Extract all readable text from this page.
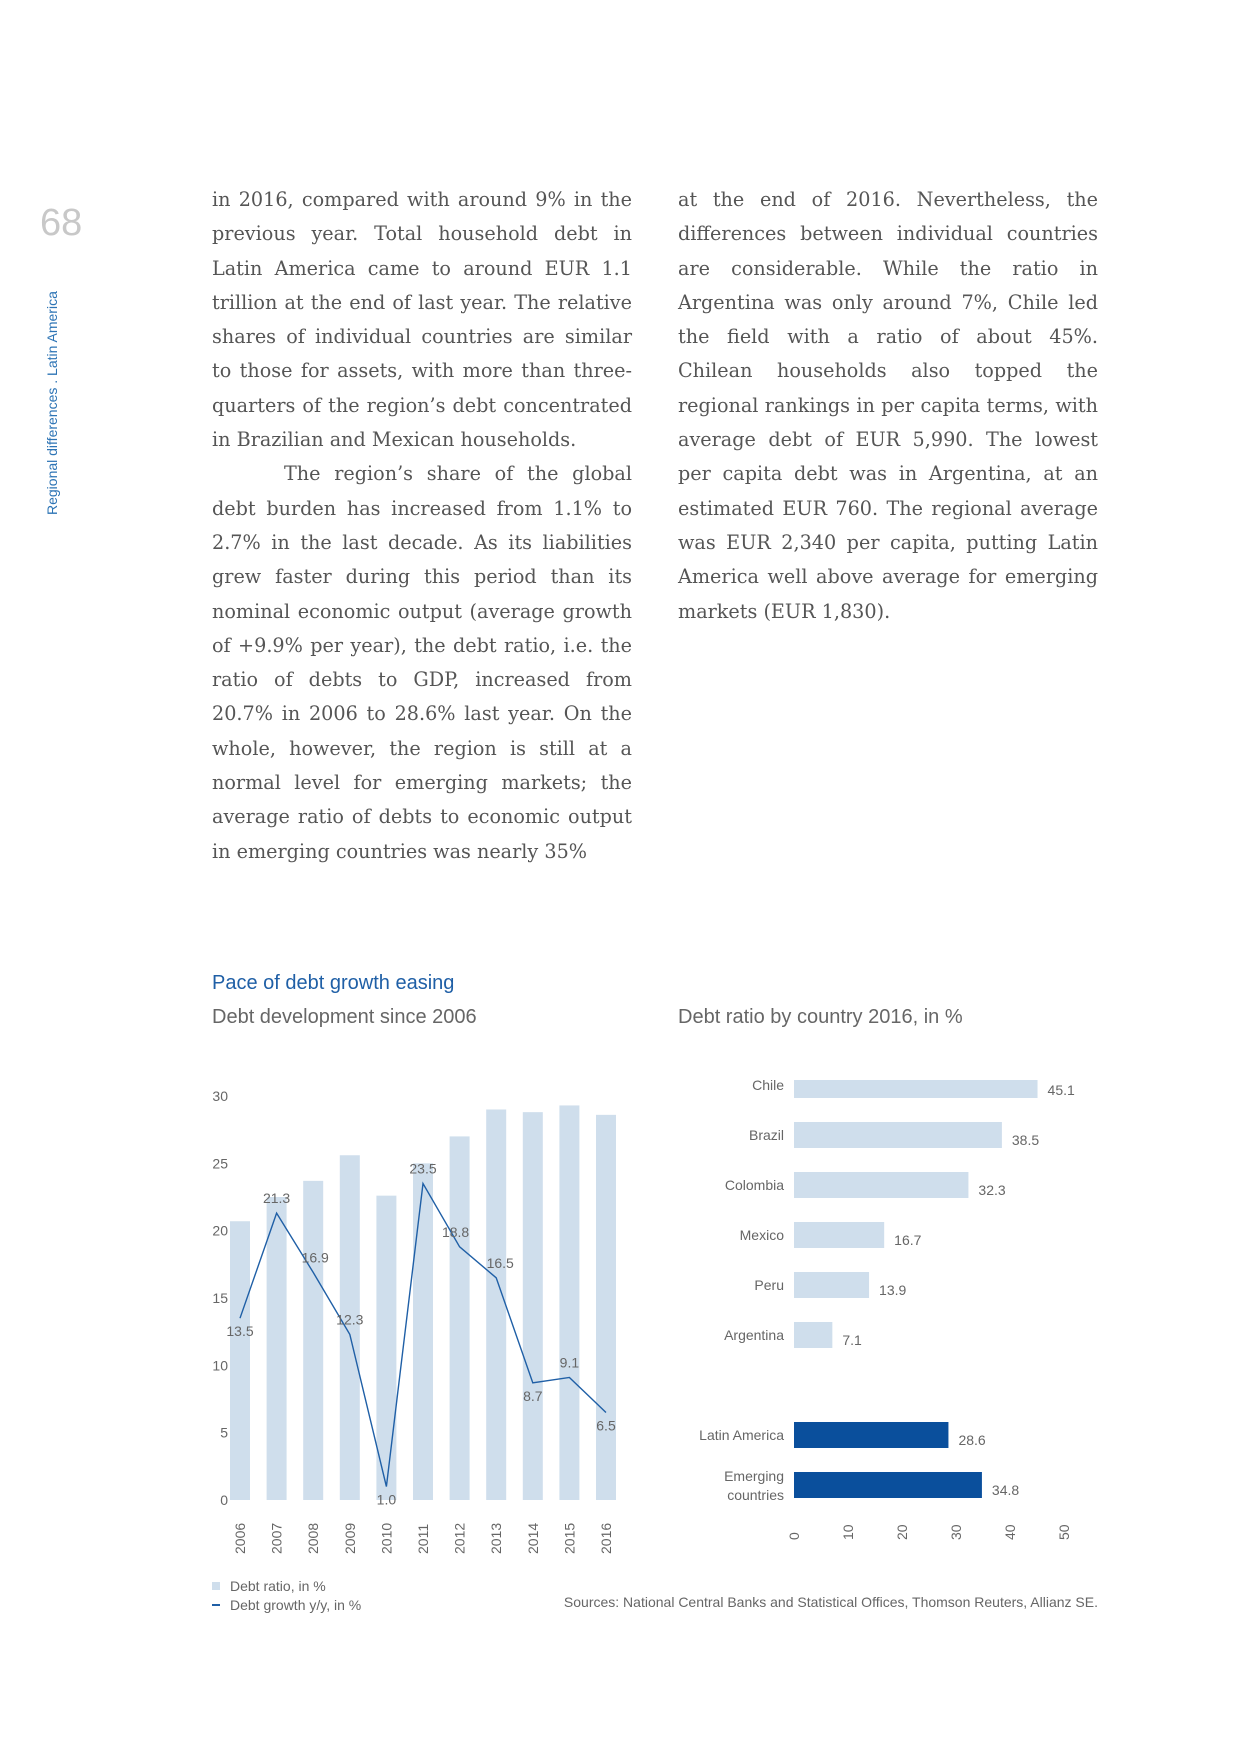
68
Regional differences . Latin America

in 2016, compared with around 9% in the previous year. Total household debt in Latin America came to around EUR 1.1 trillion at the end of last year. The relative shares of individual countries are similar to those for assets, with more than three-quarters of the region’s debt concentrated in Brazilian and Mexican households.

The region’s share of the global debt burden has increased from 1.1% to 2.7% in the last decade. As its liabilities grew faster during this period than its nominal economic output (average growth of +9.9% per year), the debt ratio, i.e. the ratio of debts to GDP, increased from 20.7% in 2006 to 28.6% last year. On the whole, however, the region is still at a normal level for emerging markets; the average ratio of debts to economic output in emerging countries was nearly 35%

at the end of 2016. Nevertheless, the differences between individual countries are considerable. While the ratio in Argentina was only around 7%, Chile led the field with a ratio of about 45%. Chilean households also topped the regional rankings in per capita terms, with average debt of EUR 5,990. The lowest per capita debt was in Argentina, at an estimated EUR 760. The regional average was EUR 2,340 per capita, putting Latin America well above average for emerging markets (EUR 1,830).

Pace of debt growth easing
Debt development since 2006	Debt ratio by country 2016, in %
0
5
10
15
20
25
30
13.5
21.3
16.9
12.3
1.0
23.5
18.8
16.5
8.7
9.1
6.5
2006 2007 2008 2009 2010 2011 2012 2013 2014 2015 2016
45.1
Chile
38.5
Brazil
32.3
Colombia
16.7
Mexico
13.9
Peru
7.1
Argentina
28.6
Latin America
34.8
Emerging
countries
0	10	20	30	40	50
Debt ratio, in %
Debt growth y/y, in %	Sources: National Central Banks and Statistical Offices, Thomson Reuters, Allianz SE.
